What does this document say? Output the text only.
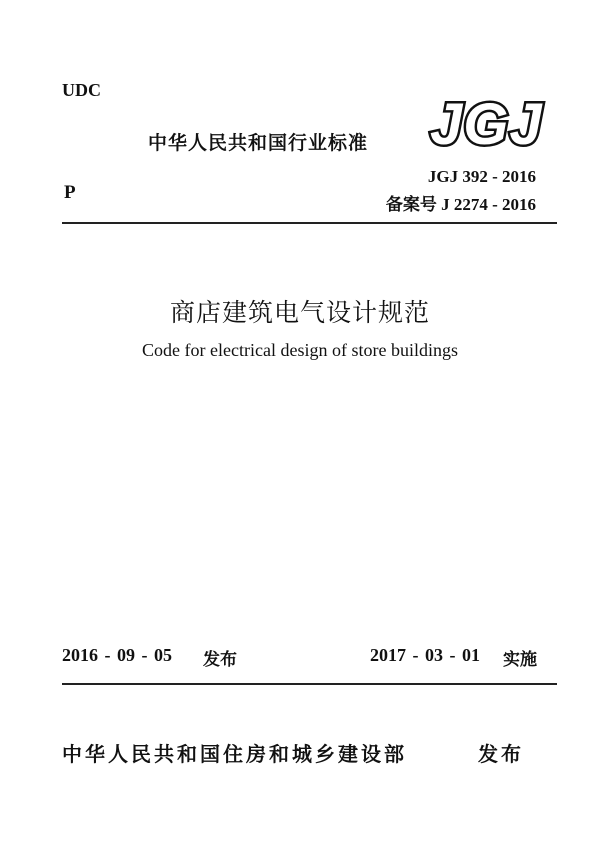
UDC
中华人民共和国行业标准 JGJ
JGJ 392 - 2016
P
备案号 J 2274 - 2016
商店建筑电气设计规范
Code for electrical design of store buildings
2016 - 09 - 05 发布	2017 - 03 - 01 实施
中华人民共和国住房和城乡建设部	发布
